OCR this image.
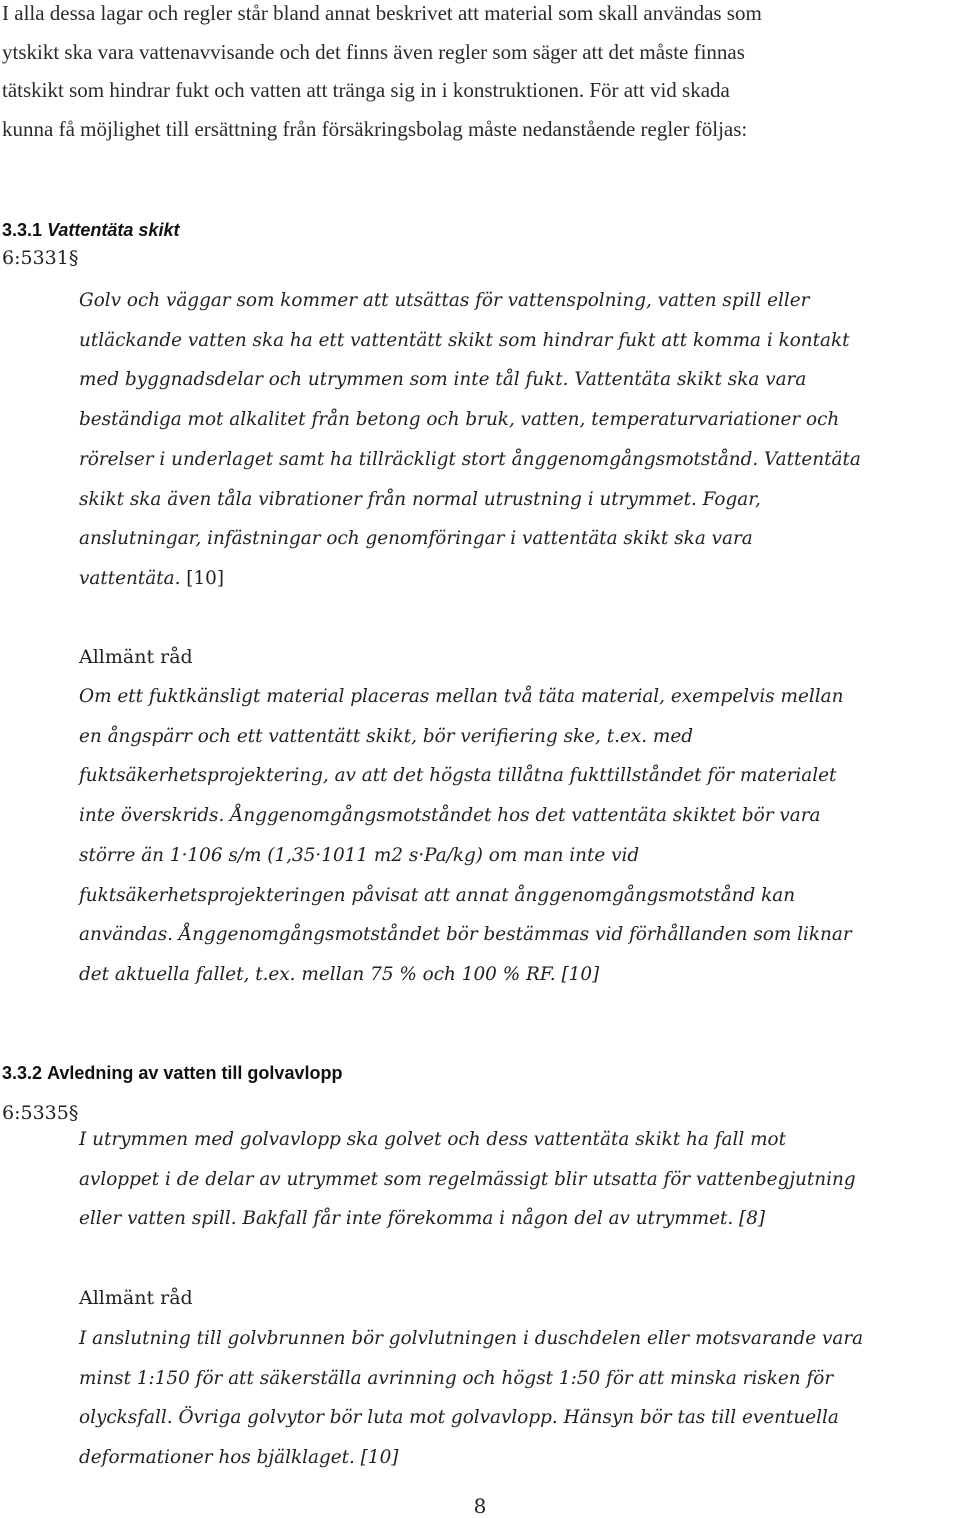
I alla dessa lagar och regler står bland annat beskrivet att material som skall användas som
ytskikt ska vara vattenavvisande och det finns även regler som säger att det måste finnas
tätskikt som hindrar fukt och vatten att tränga sig in i konstruktionen. För att vid skada
kunna få möjlighet till ersättning från försäkringsbolag måste nedanstående regler följas:

3.3.1 Vattentäta skikt

6:5331§

Golv och väggar som kommer att utsättas för vattenspolning, vatten spill eller
utläckande vatten ska ha ett vattentätt skikt som hindrar fukt att komma i kontakt
med byggnadsdelar och utrymmen som inte tål fukt. Vattentäta skikt ska vara
beständiga mot alkalitet från betong och bruk, vatten, temperaturvariationer och
rörelser i underlaget samt ha tillräckligt stort ånggenomgångsmotstånd. Vattentäta
skikt ska även tåla vibrationer från normal utrustning i utrymmet. Fogar,
anslutningar, infästningar och genomföringar i vattentäta skikt ska vara
vattentäta. [10]

Allmänt råd

Om ett fuktkänsligt material placeras mellan två täta material, exempelvis mellan
en ångspärr och ett vattentätt skikt, bör verifiering ske, t.ex. med
fuktsäkerhetsprojektering, av att det högsta tillåtna fukttillståndet för materialet
inte överskrids. Ånggenomgångsmotståndet hos det vattentäta skiktet bör vara
större än 1·106 s/m (1,35·1011 m2 s·Pa/kg) om man inte vid
fuktsäkerhetsprojekteringen påvisat att annat ånggenomgångsmotstånd kan
användas. Ånggenomgångsmotståndet bör bestämmas vid förhållanden som liknar
det aktuella fallet, t.ex. mellan 75 % och 100 % RF. [10]
3.3.2 Avledning av vatten till golvavlopp

6:5335§

I utrymmen med golvavlopp ska golvet och dess vattentäta skikt ha fall mot
avloppet i de delar av utrymmet som regelmässigt blir utsatta för vattenbegjutning
eller vatten spill. Bakfall får inte förekomma i någon del av utrymmet. [8]

Allmänt råd

I anslutning till golvbrunnen bör golvlutningen i duschdelen eller motsvarande vara
minst 1:150 för att säkerställa avrinning och högst 1:50 för att minska risken för
olycksfall. Övriga golvytor bör luta mot golvavlopp. Hänsyn bör tas till eventuella
deformationer hos bjälklaget. [10]
8
